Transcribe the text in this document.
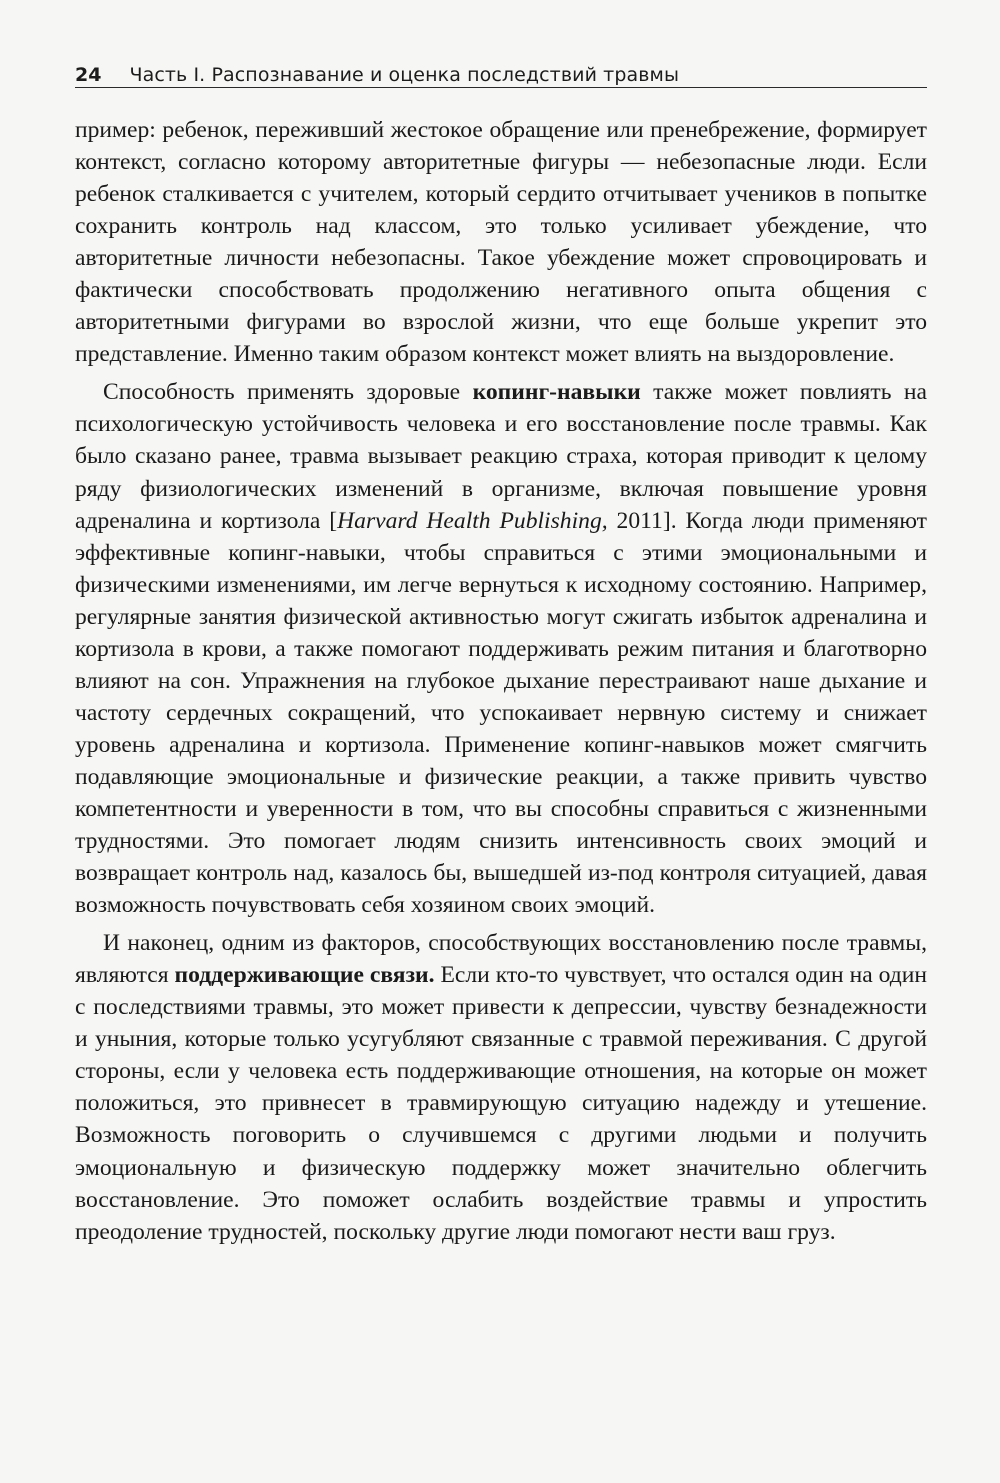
24 Часть I. Распознавание и оценка последствий травмы

пример: ребенок, переживший жестокое обращение или пренебрежение, формирует контекст, согласно которому авторитетные фигуры — небезопасные люди. Если ребенок сталкивается с учителем, который сердито отчитывает учеников в попытке сохранить контроль над классом, это только усиливает убеждение, что авторитетные личности небезопасны. Такое убеждение может спровоцировать и фактически способствовать продолжению негативного опыта общения с авторитетными фигурами во взрослой жизни, что еще больше укрепит это представление. Именно таким образом контекст может влиять на выздоровление.

Способность применять здоровые копинг-навыки также может повлиять на психологическую устойчивость человека и его восстановление после травмы. Как было сказано ранее, травма вызывает реакцию страха, которая приводит к целому ряду физиологических изменений в организме, включая повышение уровня адреналина и кортизола [Harvard Health Publishing, 2011]. Когда люди применяют эффективные копинг-навыки, чтобы справиться с этими эмоциональными и физическими изменениями, им легче вернуться к исходному состоянию. Например, регулярные занятия физической активностью могут сжигать избыток адреналина и кортизола в крови, а также помогают поддерживать режим питания и благотворно влияют на сон. Упражнения на глубокое дыхание перестраивают наше дыхание и частоту сердечных сокращений, что успокаивает нервную систему и снижает уровень адреналина и кортизола. Применение копинг-навыков может смягчить подавляющие эмоциональные и физические реакции, а также привить чувство компетентности и уверенности в том, что вы способны справиться с жизненными трудностями. Это помогает людям снизить интенсивность своих эмоций и возвращает контроль над, казалось бы, вышедшей из-под контроля ситуацией, давая возможность почувствовать себя хозяином своих эмоций.

И наконец, одним из факторов, способствующих восстановлению после травмы, являются поддерживающие связи. Если кто-то чувствует, что остался один на один с последствиями травмы, это может привести к депрессии, чувству безнадежности и уныния, которые только усугубляют связанные с травмой переживания. С другой стороны, если у человека есть поддерживающие отношения, на которые он может положиться, это привнесет в травмирующую ситуацию надежду и утешение. Возможность поговорить о случившемся с другими людьми и получить эмоциональную и физическую поддержку может значительно облегчить восстановление. Это поможет ослабить воздействие травмы и упростить преодоление трудностей, поскольку другие люди помогают нести ваш груз.
